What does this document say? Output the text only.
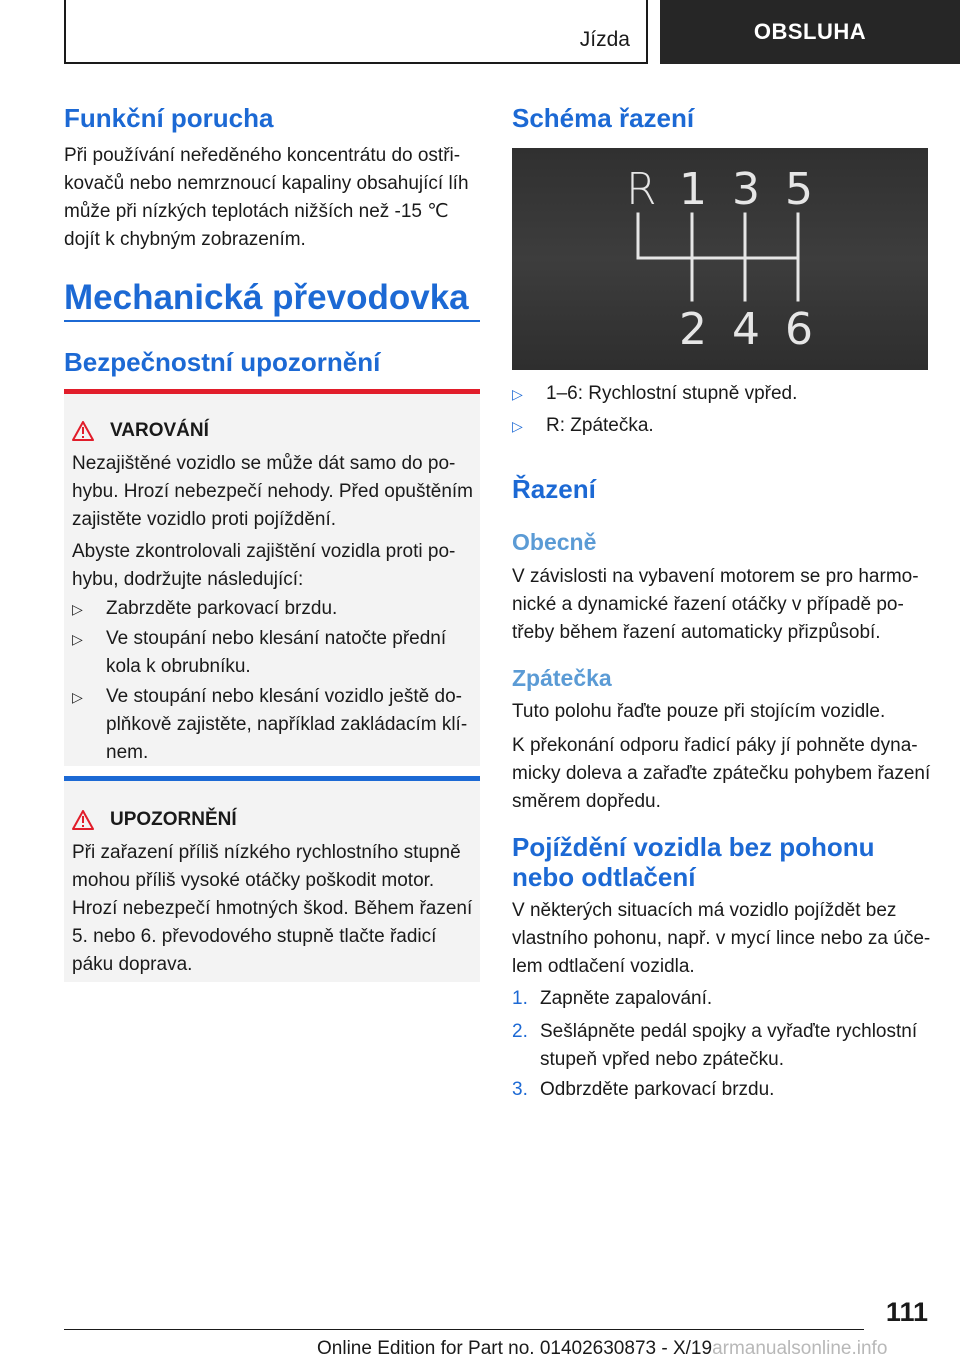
Jízda	OBSLUHA
Funkční porucha
Při používání neředěného koncentrátu do ostři-
kovačů nebo nemrznoucí kapaliny obsahující líh
může při nízkých teplotách nižších než -15 ℃
dojít k chybným zobrazením.
Mechanická převodovka
Bezpečnostní upozornění
VAROVÁNÍ
Nezajištěné vozidlo se může dát samo do po-
hybu. Hrozí nebezpečí nehody. Před opuštěním
zajistěte vozidlo proti pojíždění.
Abyste zkontrolovali zajištění vozidla proti po-
hybu, dodržujte následující:
▷	Zabrzděte parkovací brzdu.
▷	Ve stoupání nebo klesání natočte přední
kola k obrubníku.
▷	Ve stoupání nebo klesání vozidlo ještě do-
plňkově zajistěte, například zakládacím klí-
nem.
UPOZORNĚNÍ
Při zařazení příliš nízkého rychlostního stupně
mohou příliš vysoké otáčky poškodit motor.
Hrozí nebezpečí hmotných škod. Během řazení
5. nebo 6. převodového stupně tlačte řadicí
páku doprava.
Schéma řazení
R 1 3 5
2 4 6
▷	1–6: Rychlostní stupně vpřed.
▷	R: Zpátečka.
Řazení
Obecně
V závislosti na vybavení motorem se pro harmo-
nické a dynamické řazení otáčky v případě po-
třeby během řazení automaticky přizpůsobí.
Zpátečka
Tuto polohu řaďte pouze při stojícím vozidle.
K překonání odporu řadicí páky jí pohněte dyna-
micky doleva a zařaďte zpátečku pohybem řazení
směrem dopředu.
Pojíždění vozidla bez pohonu
nebo odtlačení
V některých situacích má vozidlo pojíždět bez
vlastního pohonu, např. v mycí lince nebo za úče-
lem odtlačení vozidla.
1. Zapněte zapalování.
2. Sešlápněte pedál spojky a vyřaďte rychlostní
stupeň vpřed nebo zpátečku.
3. Odbrzděte parkovací brzdu.
111
Online Edition for Part no. 01402630873 - X/19armanualsonline.info
